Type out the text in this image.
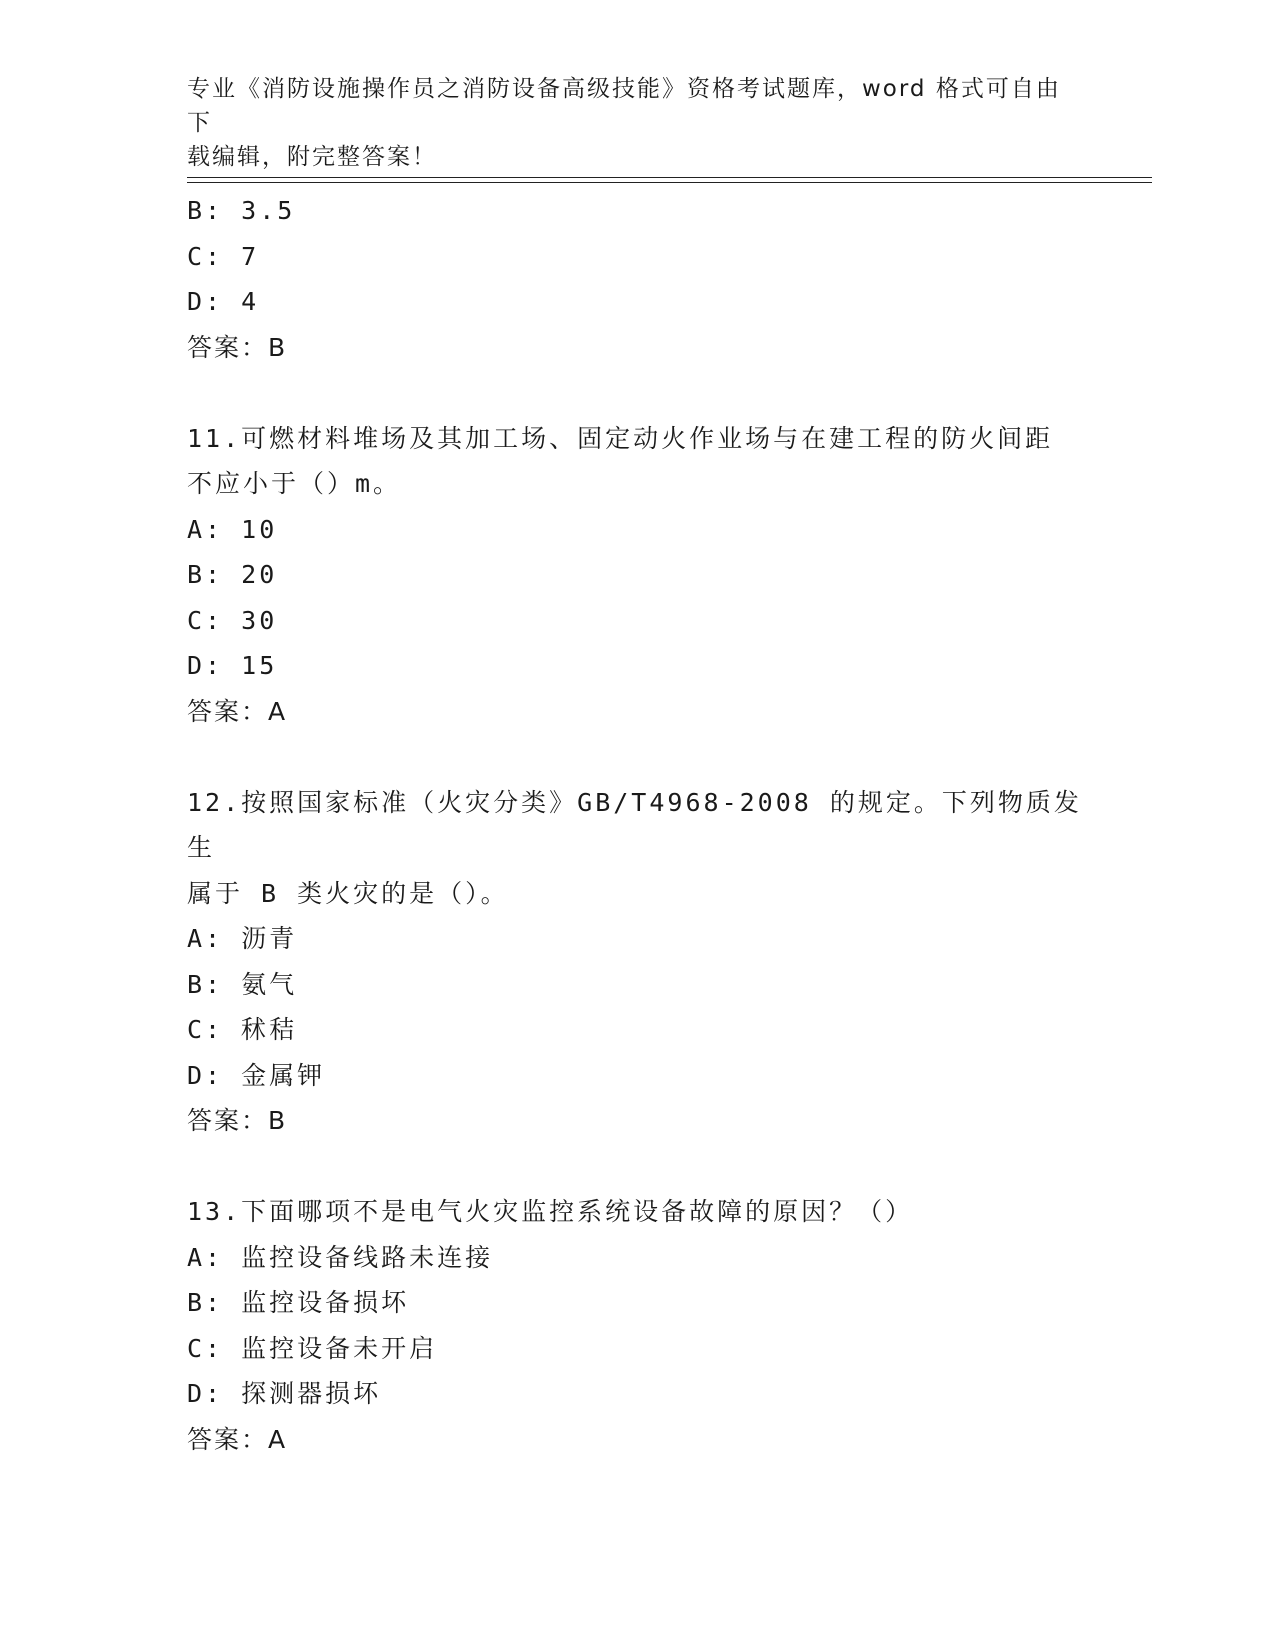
专业《消防设施操作员之消防设备高级技能》资格考试题库，word 格式可自由下
载编辑，附完整答案！
B: 3.5
C: 7
D: 4
答案：B
11.可燃材料堆场及其加工场、固定动火作业场与在建工程的防火间距
不应小于（）m。
A: 10
B: 20
C: 30
D: 15
答案：A
12.按照国家标准（火灾分类》GB/T4968-2008 的规定。下列物质发生
属于 B 类火灾的是（）。
A: 沥青
B: 氨气
C: 秫秸
D: 金属钾
答案：B
13.下面哪项不是电气火灾监控系统设备故障的原因？（）
A: 监控设备线路未连接
B: 监控设备损坏
C: 监控设备未开启
D: 探测器损坏
答案：A
